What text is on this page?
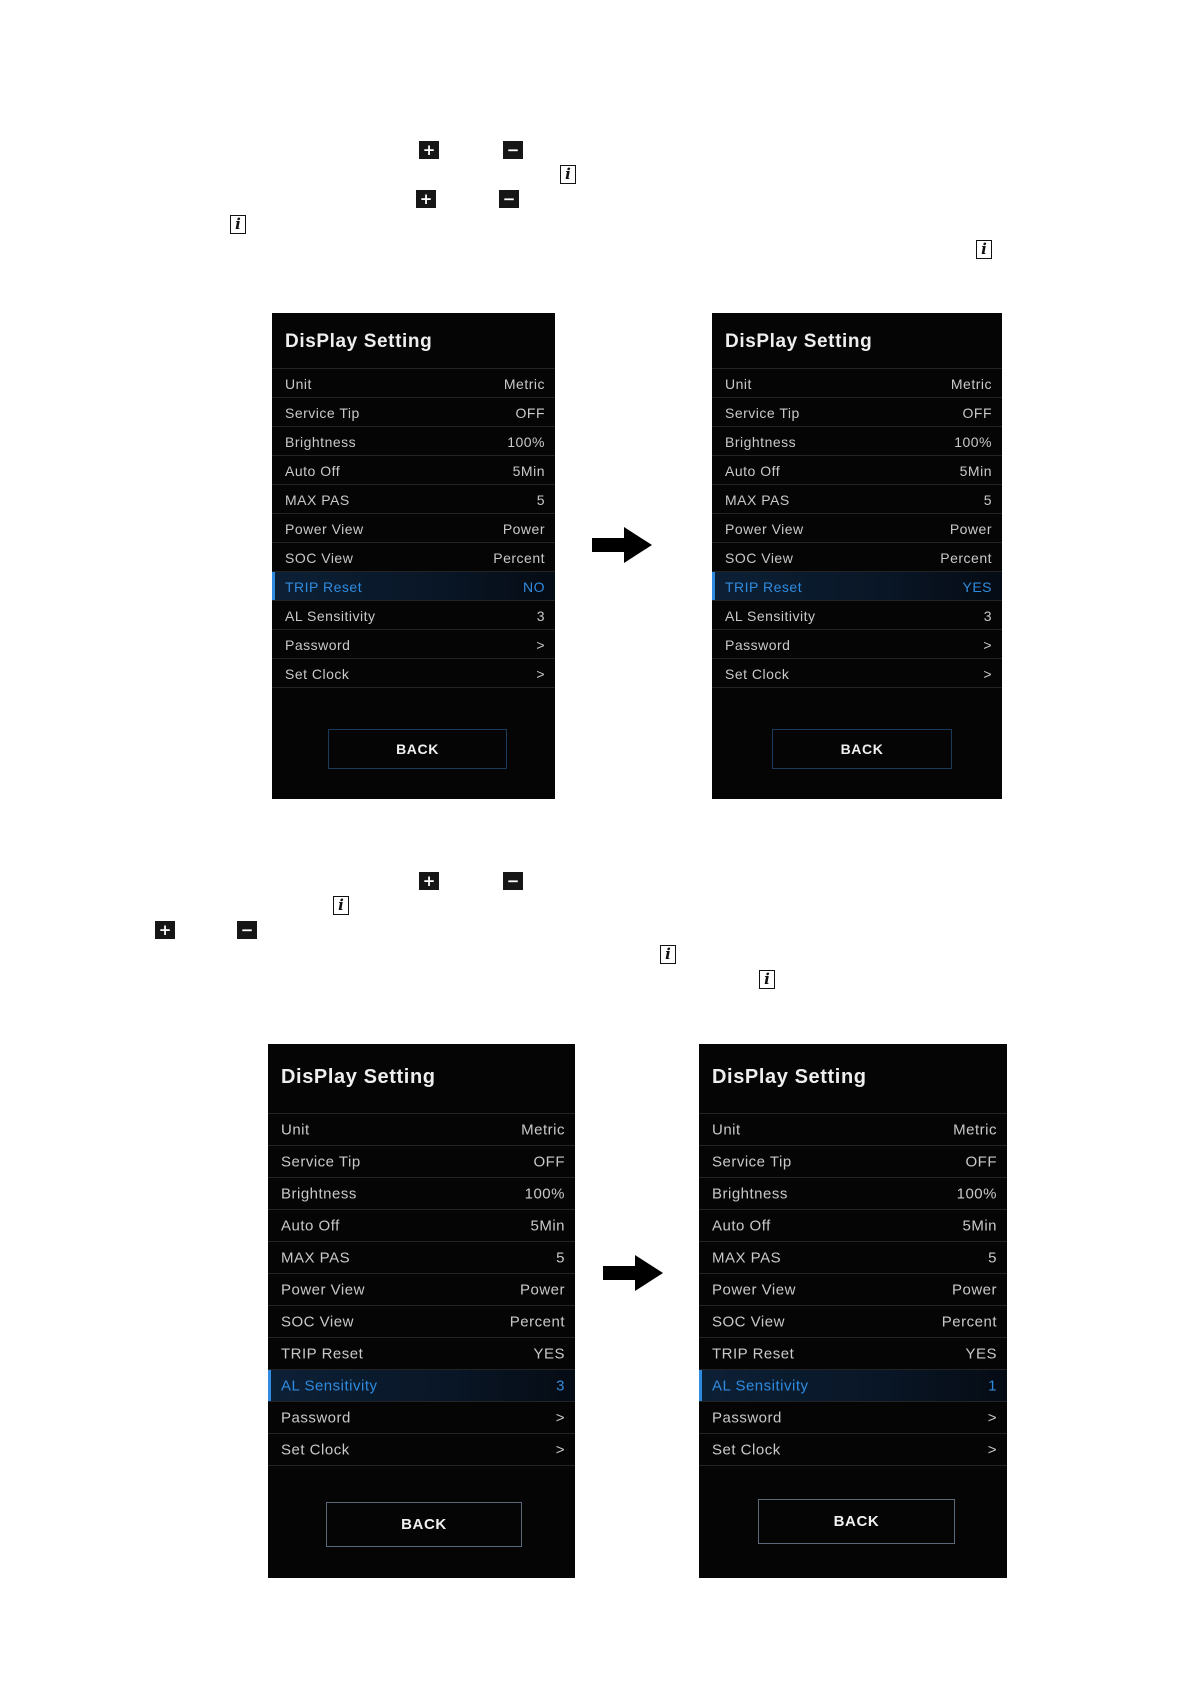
+	−
i
+	−
i
i
+	−
i
+	−
i
i
DisPlay Setting
Unit	Metric
Service Tip	OFF
Brightness	100%
Auto Off	5Min
MAX PAS	5
Power View	Power
SOC View	Percent
TRIP Reset	NO
AL Sensitivity	3
Password	>
Set Clock	>
BACK
DisPlay Setting
Unit	Metric
Service Tip	OFF
Brightness	100%
Auto Off	5Min
MAX PAS	5
Power View	Power
SOC View	Percent
TRIP Reset	YES
AL Sensitivity	3
Password	>
Set Clock	>
BACK
DisPlay Setting
Unit	Metric
Service Tip	OFF
Brightness	100%
Auto Off	5Min
MAX PAS	5
Power View	Power
SOC View	Percent
TRIP Reset	YES
AL Sensitivity	3
Password	>
Set Clock	>
BACK
DisPlay Setting
Unit	Metric
Service Tip	OFF
Brightness	100%
Auto Off	5Min
MAX PAS	5
Power View	Power
SOC View	Percent
TRIP Reset	YES
AL Sensitivity	1
Password	>
Set Clock	>
BACK
